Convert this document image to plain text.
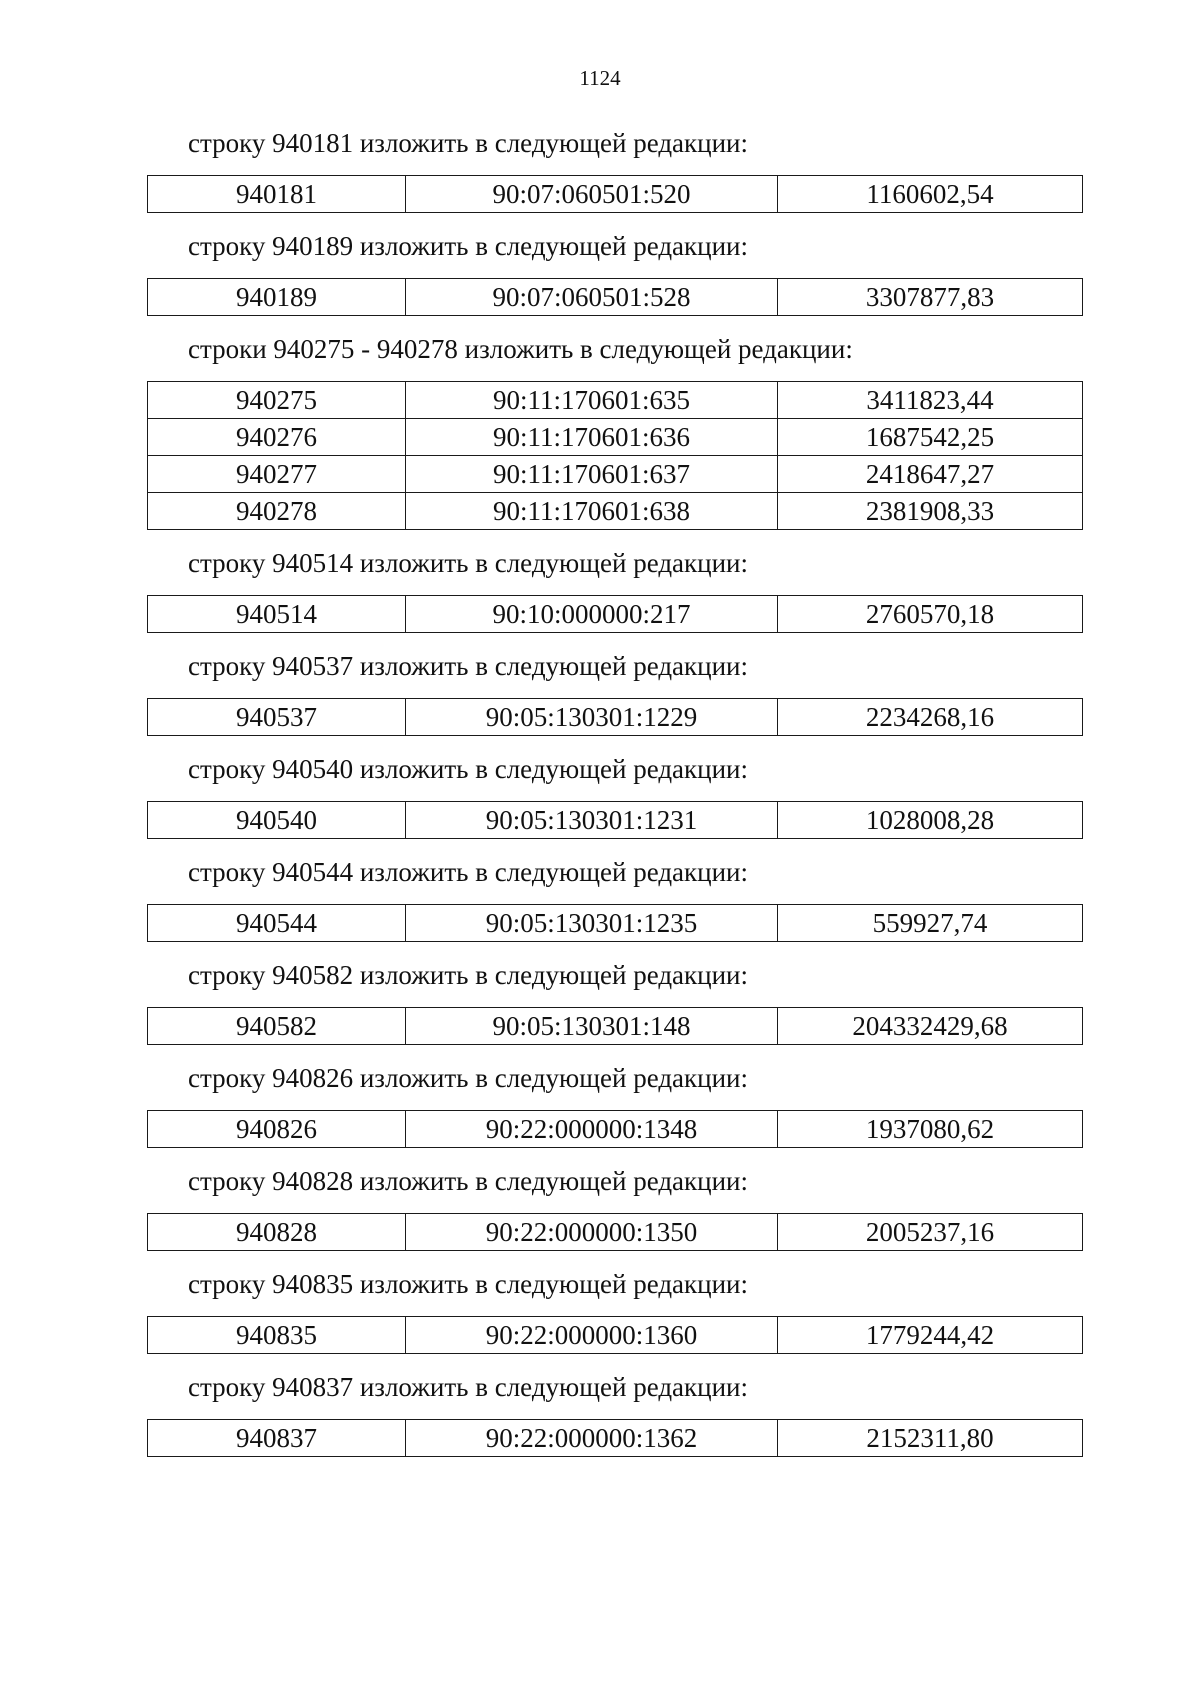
1124
строку 940181 изложить в следующей редакции:
940181	90:07:060501:520	1160602,54
строку 940189 изложить в следующей редакции:
940189	90:07:060501:528	3307877,83
строки 940275 - 940278 изложить в следующей редакции:
940275	90:11:170601:635	3411823,44
940276	90:11:170601:636	1687542,25
940277	90:11:170601:637	2418647,27
940278	90:11:170601:638	2381908,33
строку 940514 изложить в следующей редакции:
940514	90:10:000000:217	2760570,18
строку 940537 изложить в следующей редакции:
940537	90:05:130301:1229	2234268,16
строку 940540 изложить в следующей редакции:
940540	90:05:130301:1231	1028008,28
строку 940544 изложить в следующей редакции:
940544	90:05:130301:1235	559927,74
строку 940582 изложить в следующей редакции:
940582	90:05:130301:148	204332429,68
строку 940826 изложить в следующей редакции:
940826	90:22:000000:1348	1937080,62
строку 940828 изложить в следующей редакции:
940828	90:22:000000:1350	2005237,16
строку 940835 изложить в следующей редакции:
940835	90:22:000000:1360	1779244,42
строку 940837 изложить в следующей редакции:
940837	90:22:000000:1362	2152311,80
